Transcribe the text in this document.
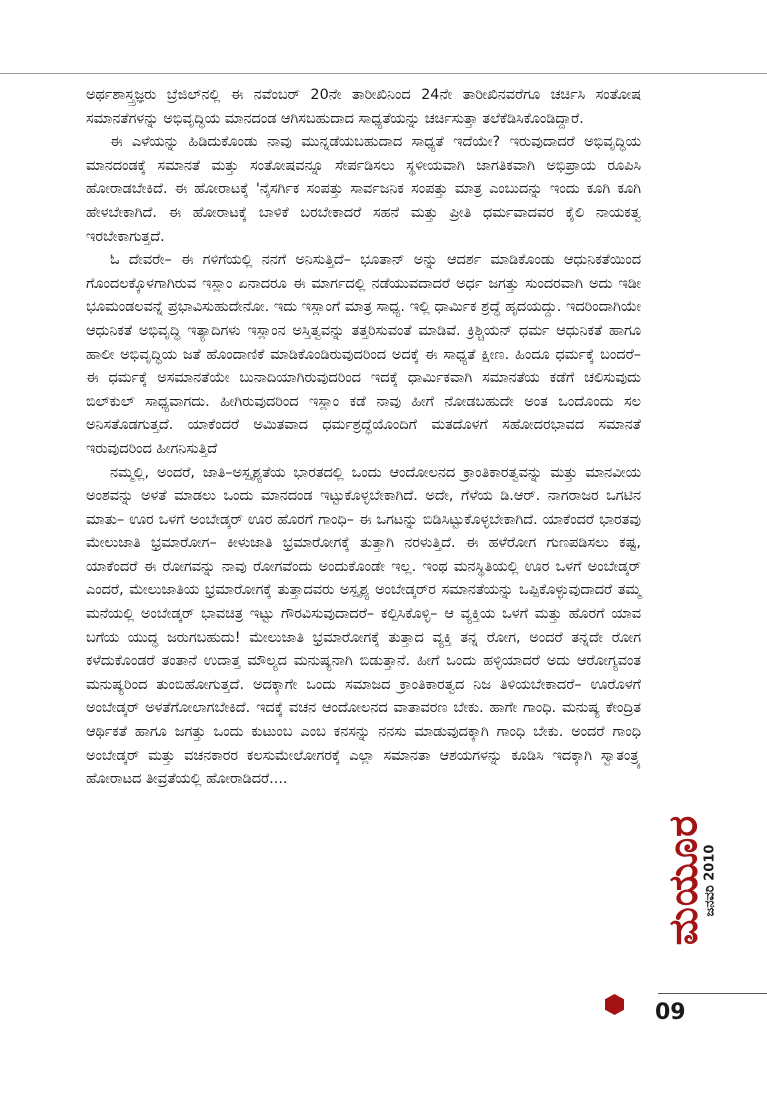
ಅರ್ಥಶಾಸ್ತ್ರಜ್ಞರು ಬ್ರೆಜಿಲ್‌ನಲ್ಲಿ ಈ ನವೆಂಬರ್ 20ನೇ ತಾರೀಖಿನಿಂದ 24ನೇ ತಾರೀಖಿನವರೆಗೂ ಚರ್ಚಿಸಿ ಸಂತೋಷ ಸಮಾನತೆಗಳನ್ನು ಅಭಿವೃದ್ಧಿಯ ಮಾನದಂಡ ಆಗಿಸಬಹುದಾದ ಸಾಧ್ಯತೆಯನ್ನು ಚರ್ಚಿಸುತ್ತಾ ತಲೆಕೆಡಿಸಿಕೊಂಡಿದ್ದಾರೆ.

ಈ ಎಳೆಯನ್ನು ಹಿಡಿದುಕೊಂಡು ನಾವು ಮುನ್ನಡೆಯಬಹುದಾದ ಸಾಧ್ಯತೆ ಇದೆಯೇ? ಇರುವುದಾದರೆ ಅಭಿವೃದ್ಧಿಯ ಮಾನದಂಡಕ್ಕೆ ಸಮಾನತೆ ಮತ್ತು ಸಂತೋಷವನ್ನೂ ಸೇರ್ಪಡಿಸಲು ಸ್ಥಳೀಯವಾಗಿ ಜಾಗತಿಕವಾಗಿ ಅಭಿಪ್ರಾಯ ರೂಪಿಸಿ ಹೋರಾಡಬೇಕಿದೆ. ಈ ಹೋರಾಟಕ್ಕೆ 'ನೈಸರ್ಗಿಕ ಸಂಪತ್ತು ಸಾರ್ವಜನಿಕ ಸಂಪತ್ತು ಮಾತ್ರ ಎಂಬುದನ್ನು ಇಂದು ಕೂಗಿ ಕೂಗಿ ಹೇಳಬೇಕಾಗಿದೆ. ಈ ಹೋರಾಟಕ್ಕೆ ಬಾಳಿಕೆ ಬರಬೇಕಾದರೆ ಸಹನೆ ಮತ್ತು ಪ್ರೀತಿ ಧರ್ಮವಾದವರ ಕೈಲಿ ನಾಯಕತ್ವ ಇರಬೇಕಾಗುತ್ತದೆ.

ಓ ದೇವರೇ– ಈ ಗಳಿಗೆಯಲ್ಲಿ ನನಗೆ ಅನಿಸುತ್ತಿದೆ– ಭೂತಾನ್ ಅನ್ನು ಆದರ್ಶ ಮಾಡಿಕೊಂಡು ಆಧುನಿಕತೆಯಿಂದ ಗೊಂದಲಕ್ಕೊಳಗಾಗಿರುವ ಇಸ್ಲಾಂ ಏನಾದರೂ ಈ ಮಾರ್ಗದಲ್ಲಿ ನಡೆಯುವದಾದರೆ ಅರ್ಧ ಜಗತ್ತು ಸುಂದರವಾಗಿ ಅದು ಇಡೀ ಭೂಮಂಡಲವನ್ನೆ ಪ್ರಭಾವಿಸುಹುದೇನೋ. ಇದು ಇಸ್ಲಾಂಗೆ ಮಾತ್ರ ಸಾಧ್ಯ. ಇಲ್ಲಿ ಧಾರ್ಮಿಕ ಶ್ರದ್ಧೆ ಹೃದಯದ್ದು. ಇದರಿಂದಾಗಿಯೇ ಆಧುನಿಕತೆ ಅಭಿವೃದ್ಧಿ ಇತ್ಯಾದಿಗಳು ಇಸ್ಲಾಂನ ಅಸ್ತಿತ್ವವನ್ನು ತತ್ತರಿಸುವಂತೆ ಮಾಡಿವೆ. ಕ್ರಿಶ್ಚಿಯನ್ ಧರ್ಮ ಆಧುನಿಕತೆ ಹಾಗೂ ಹಾಲೀ ಅಭಿವೃದ್ಧಿಯ ಜತೆ ಹೊಂದಾಣಿಕೆ ಮಾಡಿಕೊಂಡಿರುವುದರಿಂದ ಅದಕ್ಕೆ ಈ ಸಾಧ್ಯತೆ ಕ್ಷೀಣ. ಹಿಂದೂ ಧರ್ಮಕ್ಕೆ ಬಂದರೆ– ಈ ಧರ್ಮಕ್ಕೆ ಅಸಮಾನತೆಯೇ ಬುನಾದಿಯಾಗಿರುವುದರಿಂದ ಇದಕ್ಕೆ ಧಾರ್ಮಿಕವಾಗಿ ಸಮಾನತೆಯ ಕಡೆಗೆ ಚಲಿಸುವುದು ಬಿಲ್‌ಕುಲ್ ಸಾಧ್ಯವಾಗದು. ಹೀಗಿರುವುದರಿಂದ ಇಸ್ಲಾಂ ಕಡೆ ನಾವು ಹೀಗೆ ನೋಡಬಹುದೇ ಅಂತ ಒಂದೊಂದು ಸಲ ಅನಿಸತೊಡಗುತ್ತದೆ. ಯಾಕೆಂದರೆ ಅಮಿತವಾದ ಧರ್ಮಶ್ರದ್ಧೆಯೊಂದಿಗೆ ಮತದೊಳಗೆ ಸಹೋದರಭಾವದ ಸಮಾನತೆ ಇರುವುದರಿಂದ ಹೀಗನಿಸುತ್ತಿದೆ

ನಮ್ಮಲ್ಲಿ, ಅಂದರೆ, ಜಾತಿ–ಅಸ್ಪೃಶ್ಯತೆಯ ಭಾರತದಲ್ಲಿ ಒಂದು ಆಂದೋಲನದ ಕ್ರಾಂತಿಕಾರತ್ವವನ್ನು ಮತ್ತು ಮಾನವೀಯ ಅಂಶವನ್ನು ಅಳತೆ ಮಾಡಲು ಒಂದು ಮಾನದಂಡ ಇಟ್ಟುಕೊಳ್ಳಬೇಕಾಗಿದೆ. ಅದೇ, ಗೆಳೆಯ ಡಿ.ಆರ್. ನಾಗರಾಜರ ಒಗಟಿನ ಮಾತು– ಊರ ಒಳಗೆ ಅಂಬೇಡ್ಕರ್ ಊರ ಹೊರಗೆ ಗಾಂಧಿ– ಈ ಒಗಟನ್ನು ಬಿಡಿಸಿಟ್ಟುಕೊಳ್ಳಬೇಕಾಗಿದೆ. ಯಾಕೆಂದರೆ ಭಾರತವು ಮೇಲುಜಾತಿ ಭ್ರಮಾರೋಗ– ಕೀಳುಜಾತಿ ಭ್ರಮಾರೋಗಕ್ಕೆ ತುತ್ತಾಗಿ ನರಳುತ್ತಿದೆ. ಈ ಹಳೆರೋಗ ಗುಣಪಡಿಸಲು ಕಷ್ಟ, ಯಾಕೆಂದರೆ ಈ ರೋಗವನ್ನು ನಾವು ರೋಗವೆಂದು ಅಂದುಕೊಂಡೇ ಇಲ್ಲ. ಇಂಥ ಮನಸ್ಥಿತಿಯಲ್ಲಿ ಊರ ಒಳಗೆ ಅಂಬೇಡ್ಕರ್ ಎಂದರೆ, ಮೇಲುಜಾತಿಯ ಭ್ರಮಾರೋಗಕ್ಕೆ ತುತ್ತಾದವರು ಅಸ್ಪೃಶ್ಯ ಅಂಬೇಡ್ಕರ್‌ರ ಸಮಾನತೆಯನ್ನು ಒಪ್ಪಿಕೊಳ್ಳುವುದಾದರೆ ತಮ್ಮ ಮನೆಯಲ್ಲಿ ಅಂಬೇಡ್ಕರ್ ಭಾವಚಿತ್ರ ಇಟ್ಟು ಗೌರವಿಸುವುದಾದರೆ– ಕಲ್ಪಿಸಿಕೊಳ್ಳಿ– ಆ ವ್ಯಕ್ತಿಯ ಒಳಗೆ ಮತ್ತು ಹೊರಗೆ ಯಾವ ಬಗೆಯ ಯುದ್ಧ ಜರುಗಬಹುದು! ಮೇಲುಜಾತಿ ಭ್ರಮಾರೋಗಕ್ಕೆ ತುತ್ತಾದ ವ್ಯಕ್ತಿ ತನ್ನ ರೋಗ, ಅಂದರೆ ತನ್ನದೇ ರೋಗ ಕಳೆದುಕೊಂಡರೆ ತಂತಾನೆ ಉದಾತ್ತ ಮೌಲ್ಯದ ಮನುಷ್ಯನಾಗಿ ಬಿಡುತ್ತಾನೆ. ಹೀಗೆ ಒಂದು ಹಳ್ಳಿಯಾದರೆ ಅದು ಆರೋಗ್ಯವಂತ ಮನುಷ್ಯರಿಂದ ತುಂಬಿಹೋಗುತ್ತದೆ. ಅದಕ್ಕಾಗೇ ಒಂದು ಸಮಾಜದ ಕ್ರಾಂತಿಕಾರತ್ವದ ನಿಜ ತಿಳಿಯಬೇಕಾದರೆ– ಊರೊಳಗೆ ಅಂಬೇಡ್ಕರ್ ಅಳತೆಗೋಲಾಗಬೇಕಿದೆ. ಇದಕ್ಕೆ ವಚನ ಆಂದೋಲನದ ವಾತಾವರಣ ಬೇಕು. ಹಾಗೇ ಗಾಂಧಿ. ಮನುಷ್ಯ ಕೇಂದ್ರಿತ ಆರ್ಥಿಕತೆ ಹಾಗೂ ಜಗತ್ತು ಒಂದು ಕುಟುಂಬ ಎಂಬ ಕನಸನ್ನು ನನಸು ಮಾಡುವುದಕ್ಕಾಗಿ ಗಾಂಧಿ ಬೇಕು. ಅಂದರೆ ಗಾಂಧಿ ಅಂಬೇಡ್ಕರ್ ಮತ್ತು ವಚನಕಾರರ ಕಲಸುಮೇಲೋಗರಕ್ಕೆ ಎಲ್ಲಾ ಸಮಾನತಾ ಆಶಯಗಳನ್ನು ಕೂಡಿಸಿ ಇದಕ್ಕಾಗಿ ಸ್ವಾತಂತ್ರ್ಯ ಹೋರಾಟದ ತೀವ್ರತೆಯಲ್ಲಿ ಹೋರಾಡಿದರೆ....

ಮಯೂರ
ಜನವರಿ 2010
09
